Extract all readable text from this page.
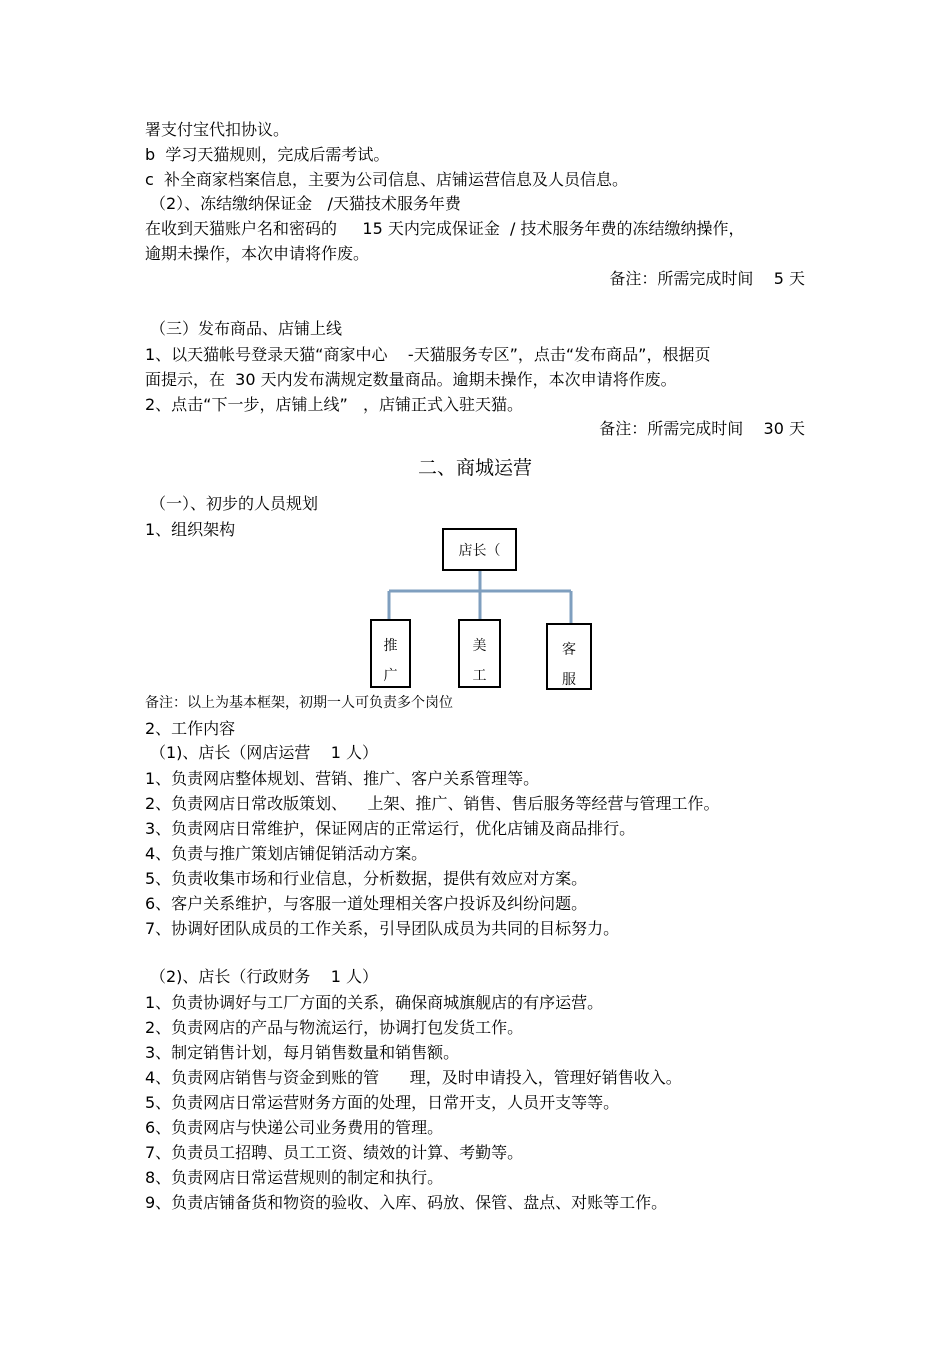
署支付宝代扣协议。

b  学习天猫规则，完成后需考试。

c  补全商家档案信息，主要为公司信息、店铺运营信息及人员信息。

（2）、冻结缴纳保证金   /天猫技术服务年费

在收到天猫账户名和密码的     15 天内完成保证金  / 技术服务年费的冻结缴纳操作，

逾期未操作，本次申请将作废。

备注：所需完成时间    5 天

（三）发布商品、店铺上线

1、以天猫帐号登录天猫“商家中心    -天猫服务专区”，点击“发布商品”，根据页

面提示，在  30 天内发布满规定数量商品。逾期未操作，本次申请将作废。

2、点击“下一步，店铺上线”   ，店铺正式入驻天猫。

备注：所需完成时间    30 天
二、商城运营

（一）、初步的人员规划

1、组织架构

店长（
推
广
美
工
客
服

备注：以上为基本框架，初期一人可负责多个岗位

2、工作内容

（1)、店长（网店运营    1 人）

1、负责网店整体规划、营销、推广、客户关系管理等。

2、负责网店日常改版策划、    上架、推广、销售、售后服务等经营与管理工作。

3、负责网店日常维护，保证网店的正常运行，优化店铺及商品排行。

4、负责与推广策划店铺促销活动方案。

5、负责收集市场和行业信息，分析数据，提供有效应对方案。

6、客户关系维护，与客服一道处理相关客户投诉及纠纷问题。

7、协调好团队成员的工作关系，引导团队成员为共同的目标努力。

（2)、店长（行政财务    1 人）

1、负责协调好与工厂方面的关系，确保商城旗舰店的有序运营。

2、负责网店的产品与物流运行，协调打包发货工作。

3、制定销售计划，每月销售数量和销售额。

4、负责网店销售与资金到账的管      理，及时申请投入，管理好销售收入。

5、负责网店日常运营财务方面的处理，日常开支，人员开支等等。

6、负责网店与快递公司业务费用的管理。

7、负责员工招聘、员工工资、绩效的计算、考勤等。

8、负责网店日常运营规则的制定和执行。

9、负责店铺备货和物资的验收、入库、码放、保管、盘点、对账等工作。
